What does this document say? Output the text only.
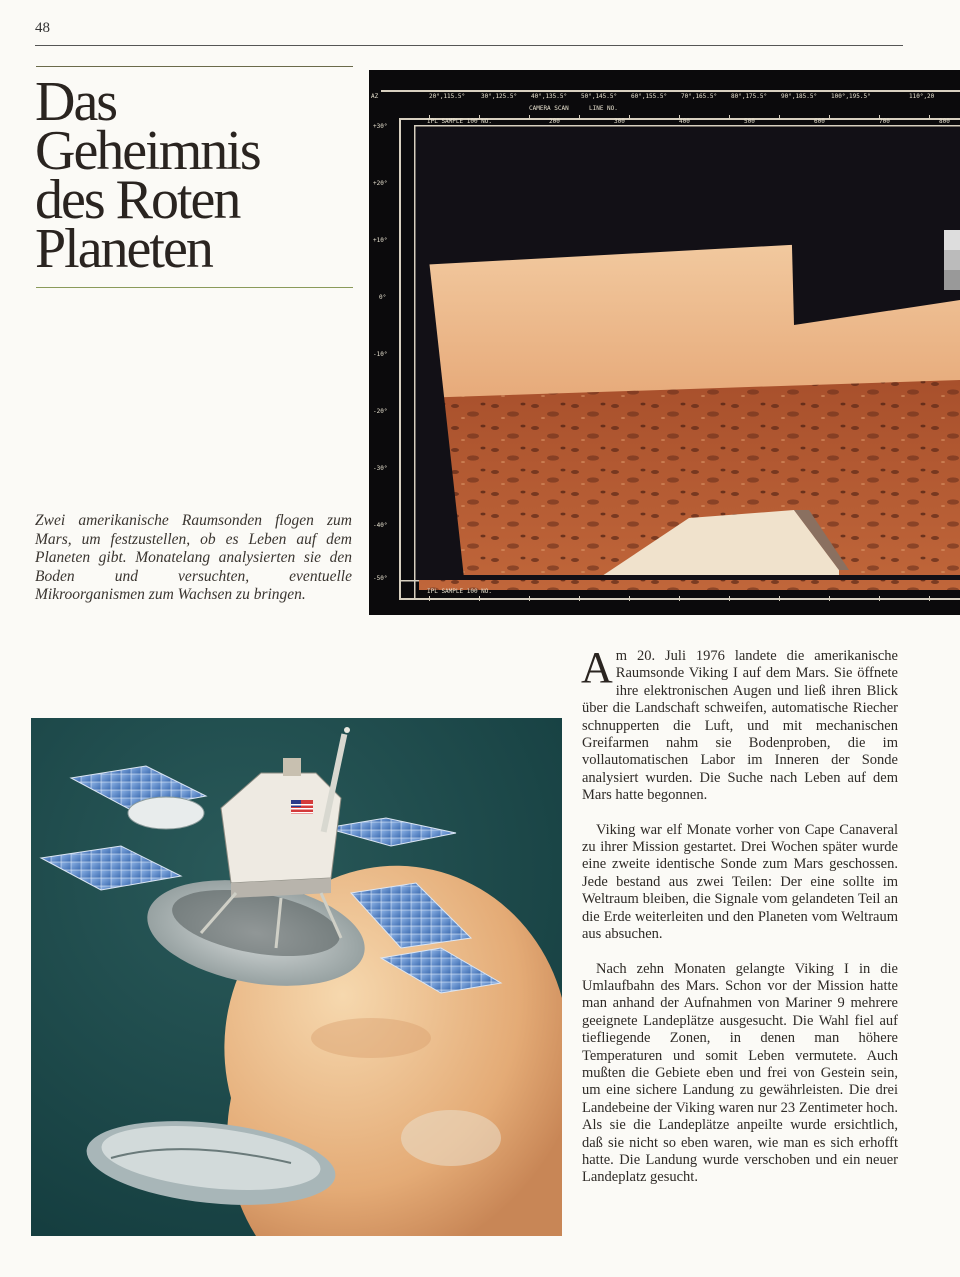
48
Das
Geheimnis
des Roten
Planeten

Zwei amerikanische Raumsonden flogen zum Mars, um festzustellen, ob es Leben auf dem Planeten gibt. Monatelang analysierten sie den Boden und versuchten, eventuelle Mikroorganismen zum Wachsen zu bringen.

AZ	20°,115.5°	30°,125.5° 40°,135.5° 50°,145.5° 60°,155.5° 70°,165.5° 80°,175.5° 90°,185.5° 100°,195.5°	110°,20
CAMERA SCAN	LINE NO.
IPL SAMPLE 100 NO.
IPL SAMPLE 100 NO.
200	300	400	500	600	700	800
+30°
+20°
+10°
0°
-10°
-20°
-30°
-40°
-50°

Am 20. Juli 1976 landete die amerikanische Raumsonde Viking I auf dem Mars. Sie öffnete ihre elektronischen Augen und ließ ihren Blick über die Landschaft schweifen, automatische Riecher schnupperten die Luft, und mit mechanischen Greifarmen nahm sie Bodenproben, die im vollautomatischen Labor im Inneren der Sonde analysiert wurden. Die Suche nach Leben auf dem Mars hatte begonnen.

Viking war elf Monate vorher von Cape Canaveral zu ihrer Mission gestartet. Drei Wochen später wurde eine zweite identische Sonde zum Mars geschossen. Jede bestand aus zwei Teilen: Der eine sollte im Weltraum bleiben, die Signale vom gelandeten Teil an die Erde weiterleiten und den Planeten vom Weltraum aus absuchen.

Nach zehn Monaten gelangte Viking I in die Umlaufbahn des Mars. Schon vor der Mission hatte man anhand der Aufnahmen von Mariner 9 mehrere geeignete Landeplätze ausgesucht. Die Wahl fiel auf tiefliegende Zonen, in denen man höhere Temperaturen und somit Leben vermutete. Auch mußten die Gebiete eben und frei von Gestein sein, um eine sichere Landung zu gewährleisten. Die drei Landebeine der Viking waren nur 23 Zentimeter hoch. Als sie die Landeplätze anpeilte wurde ersichtlich, daß sie nicht so eben waren, wie man es sich erhofft hatte. Die Landung wurde verschoben und ein neuer Landeplatz gesucht.
